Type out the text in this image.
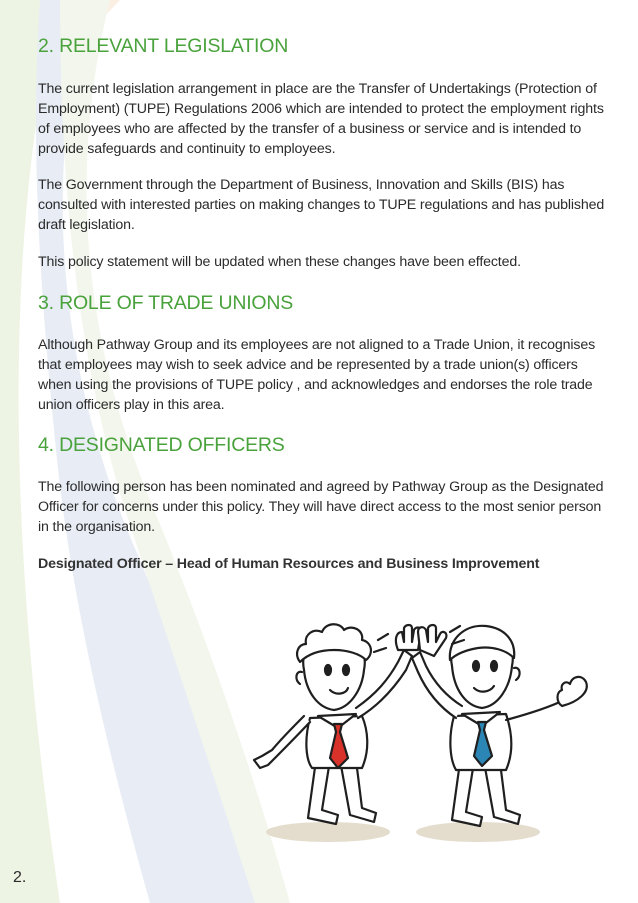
2. RELEVANT LEGISLATION

The current legislation arrangement in place are the Transfer of Undertakings (Protection of Employment) (TUPE) Regulations 2006 which are intended to protect the employment rights of employees who are affected by the transfer of a business or service and is intended to provide safeguards and continuity to employees.

The Government through the Department of Business, Innovation and Skills (BIS) has consulted with interested parties on making changes to TUPE regulations and has published draft legislation.

This policy statement will be updated when these changes have been effected.

3. ROLE OF TRADE UNIONS

Although Pathway Group and its employees are not aligned to a Trade Union, it recognises that employees may wish to seek advice and be represented by a trade union(s) officers when using the provisions of TUPE policy , and acknowledges and endorses the role trade union officers play in this area.

4. DESIGNATED OFFICERS

The following person has been nominated and agreed by Pathway Group as the Designated Officer for concerns under this policy. They will have direct access to the most senior person in the organisation.

Designated Officer – Head of Human Resources and Business Improvement

2.
